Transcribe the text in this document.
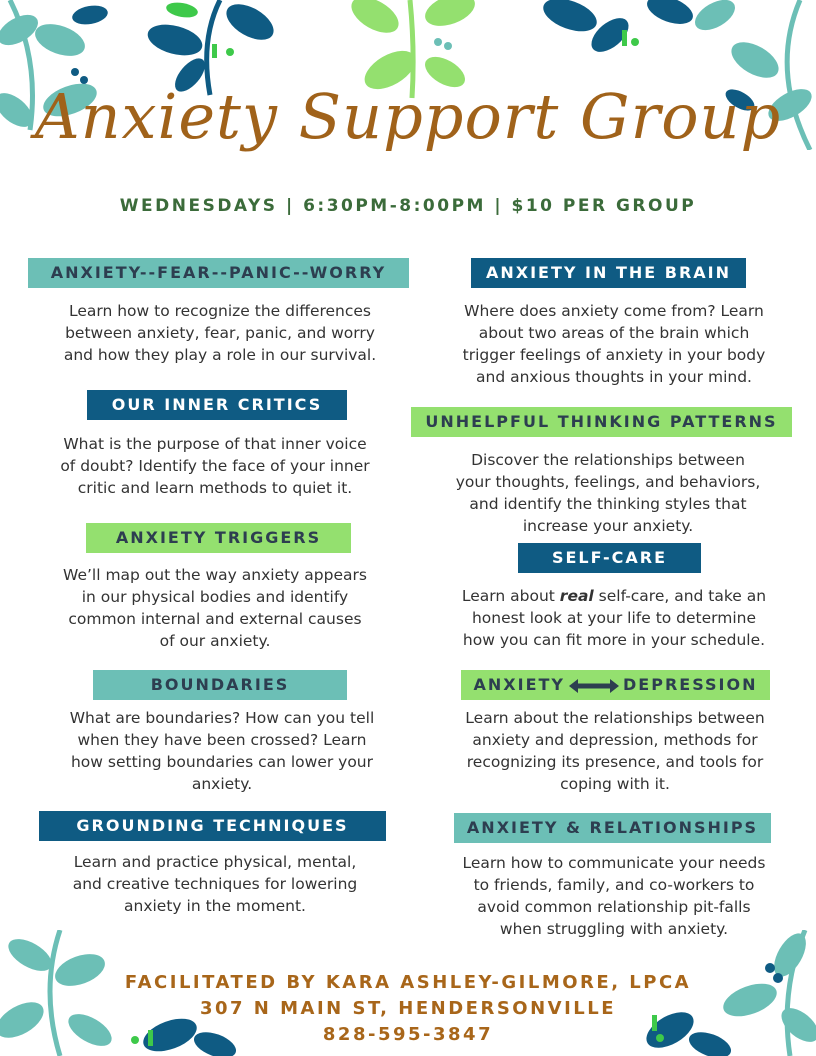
Anxiety Support Group
WEDNESDAYS | 6:30PM-8:00PM | $10 PER GROUP
ANXIETY--FEAR--PANIC--WORRY

Learn how to recognize the differences

between anxiety, fear, panic, and worry

and how they play a role in our survival.

ANXIETY IN THE BRAIN

Where does anxiety come from? Learn

about two areas of the brain which

trigger feelings of anxiety in your body

and anxious thoughts in your mind.

OUR INNER CRITICS

What is the purpose of that inner voice

of doubt? Identify the face of your inner

critic and learn methods to quiet it.

UNHELPFUL THINKING PATTERNS

Discover the relationships between

your thoughts, feelings, and behaviors,

and identify the thinking styles that

increase your anxiety.

ANXIETY TRIGGERS

We’ll map out the way anxiety appears

in our physical bodies and identify

common internal and external causes

of our anxiety.

SELF-CARE

Learn about real self-care, and take an

honest look at your life to determine

how you can fit more in your schedule.

BOUNDARIES

What are boundaries? How can you tell

when they have been crossed? Learn

how setting boundaries can lower your

anxiety.

ANXIETY	DEPRESSION

Learn about the relationships between

anxiety and depression, methods for

recognizing its presence, and tools for

coping with it.

GROUNDING TECHNIQUES

Learn and practice physical, mental,

and creative techniques for lowering

anxiety in the moment.

ANXIETY & RELATIONSHIPS

Learn how to communicate your needs

to friends, family, and co-workers to

avoid common relationship pit-falls

when struggling with anxiety.

FACILITATED BY KARA ASHLEY-GILMORE, LPCA
307 N MAIN ST, HENDERSONVILLE
828-595-3847
